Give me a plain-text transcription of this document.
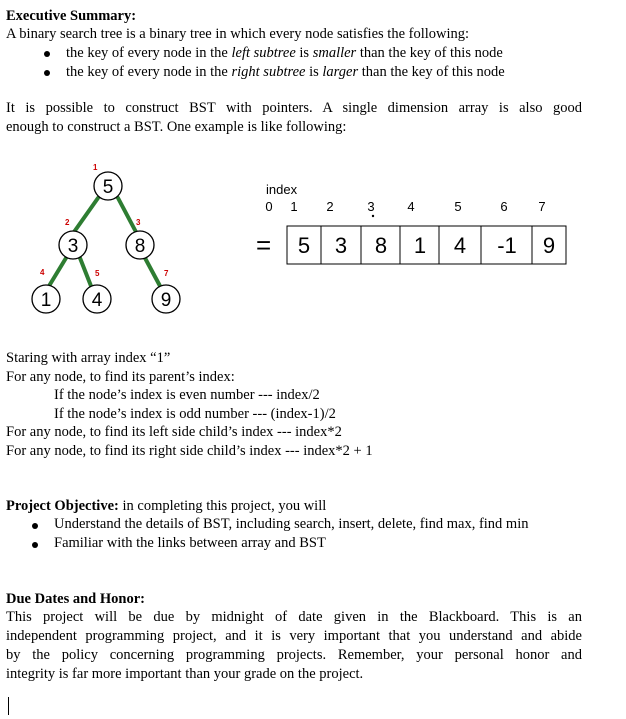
Executive Summary:
A binary search tree is a binary tree in which every node satisfies the following:
the key of every node in the left subtree is smaller than the key of this node
the key of every node in the right subtree is larger than the key of this node
It is possible to construct BST with pointers. A single dimension array is also good
enough to construct a BST. One example is like following:
1
5
2
3
3
8
4
1
5
4
7
9
index
0 1 2	3	4	5	6 7
= 5 3 8 1 4 -1 9
Staring with array index “1”
For any node, to find its parent’s index:
If the node’s index is even number --- index/2
If the node’s index is odd number --- (index-1)/2
For any node, to find its left side child’s index --- index*2
For any node, to find its right side child’s index --- index*2 + 1
Project Objective: in completing this project, you will
Understand the details of BST, including search, insert, delete, find max, find min
Familiar with the links between array and BST
Due Dates and Honor:
This project will be due by midnight of date given in the Blackboard. This is an
independent programming project, and it is very important that you understand and abide
by the policy concerning programming projects. Remember, your personal honor and
integrity is far more important than your grade on the project.
